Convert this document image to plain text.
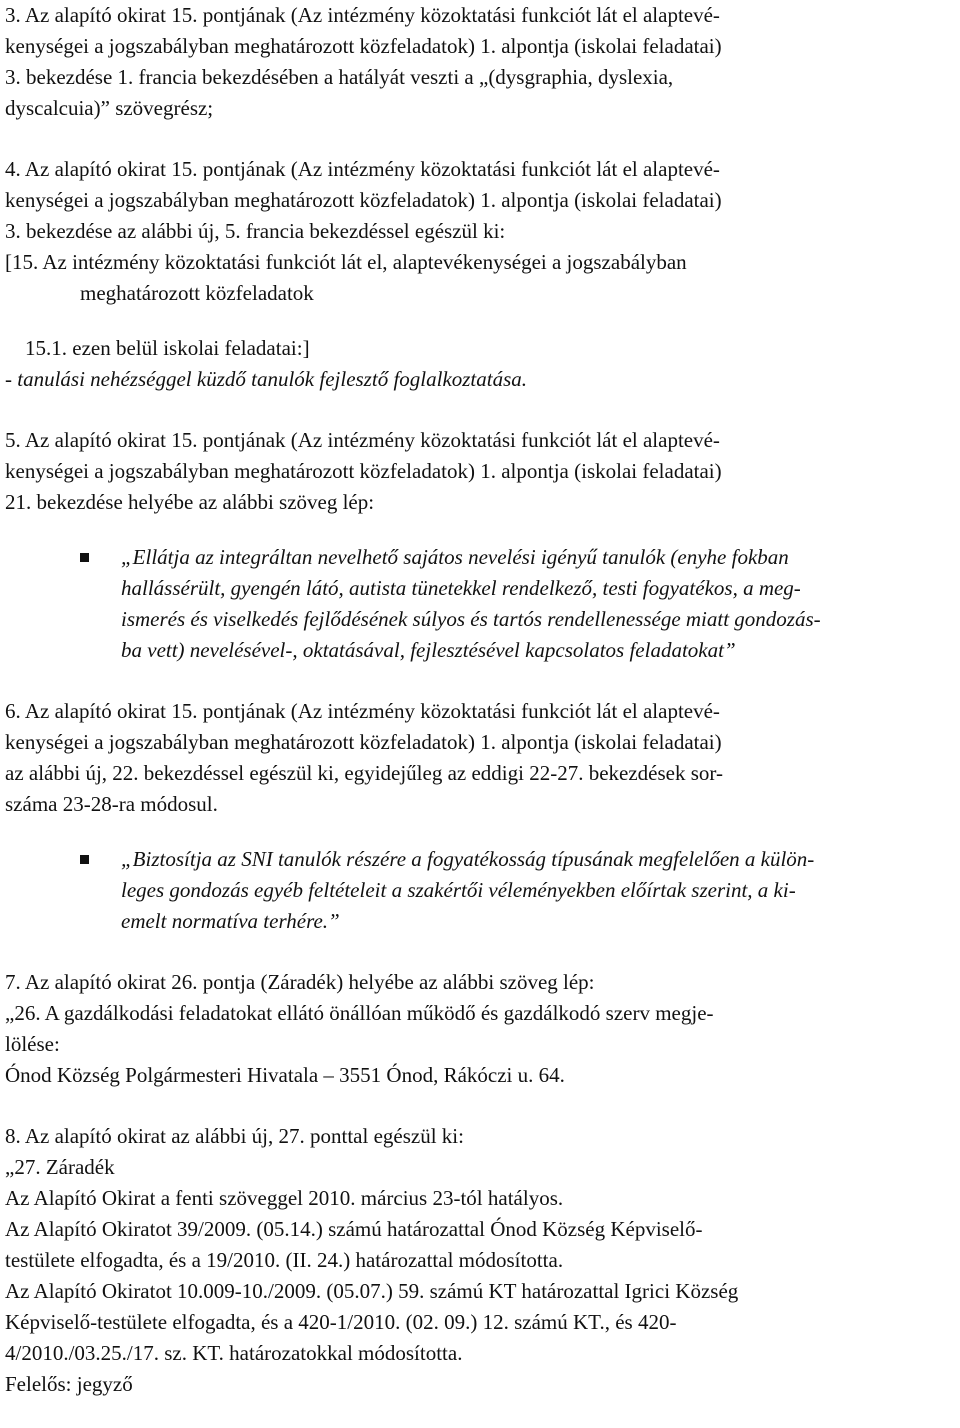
3. Az alapító okirat 15. pontjának (Az intézmény közoktatási funkciót lát el alaptevé-
kenységei a jogszabályban meghatározott közfeladatok) 1. alpontja (iskolai feladatai)
3. bekezdése 1. francia bekezdésében a hatályát veszti a „(dysgraphia, dyslexia,
dyscalcuia)” szövegrész;
4. Az alapító okirat 15. pontjának (Az intézmény közoktatási funkciót lát el alaptevé-
kenységei a jogszabályban meghatározott közfeladatok) 1. alpontja (iskolai feladatai)
3. bekezdése az alábbi új, 5. francia bekezdéssel egészül ki:
[15. Az intézmény közoktatási funkciót lát el, alaptevékenységei a jogszabályban
meghatározott közfeladatok
15.1. ezen belül iskolai feladatai:]
- tanulási nehézséggel küzdő tanulók fejlesztő foglalkoztatása.
5. Az alapító okirat 15. pontjának (Az intézmény közoktatási funkciót lát el alaptevé-
kenységei a jogszabályban meghatározott közfeladatok) 1. alpontja (iskolai feladatai)
21. bekezdése helyébe az alábbi szöveg lép:
„Ellátja az integráltan nevelhető sajátos nevelési igényű tanulók (enyhe fokban
hallássérült, gyengén látó, autista tünetekkel rendelkező, testi fogyatékos, a meg-
ismerés és viselkedés fejlődésének súlyos és tartós rendellenessége miatt gondozás-
ba vett) nevelésével-, oktatásával, fejlesztésével kapcsolatos feladatokat”
6. Az alapító okirat 15. pontjának (Az intézmény közoktatási funkciót lát el alaptevé-
kenységei a jogszabályban meghatározott közfeladatok) 1. alpontja (iskolai feladatai)
az alábbi új, 22. bekezdéssel egészül ki, egyidejűleg az eddigi 22-27. bekezdések sor-
száma 23-28-ra módosul.
„Biztosítja az SNI tanulók részére a fogyatékosság típusának megfelelően a külön-
leges gondozás egyéb feltételeit a szakértői véleményekben előírtak szerint, a ki-
emelt normatíva terhére.”
7. Az alapító okirat 26. pontja (Záradék) helyébe az alábbi szöveg lép:
„26. A gazdálkodási feladatokat ellátó önállóan működő és gazdálkodó szerv megje-
lölése:
Ónod Község Polgármesteri Hivatala – 3551 Ónod, Rákóczi u. 64.
8. Az alapító okirat az alábbi új, 27. ponttal egészül ki:
„27. Záradék
Az Alapító Okirat a fenti szöveggel 2010. március 23-tól hatályos.
Az Alapító Okiratot 39/2009. (05.14.) számú határozattal Ónod Község Képviselő-
testülete elfogadta, és a 19/2010. (II. 24.) határozattal módosította.
Az Alapító Okiratot 10.009-10./2009. (05.07.) 59. számú KT határozattal Igrici Község
Képviselő-testülete elfogadta, és a 420-1/2010. (02. 09.) 12. számú KT., és 420-
4/2010./03.25./17. sz. KT. határozatokkal módosította.
Felelős: jegyző
